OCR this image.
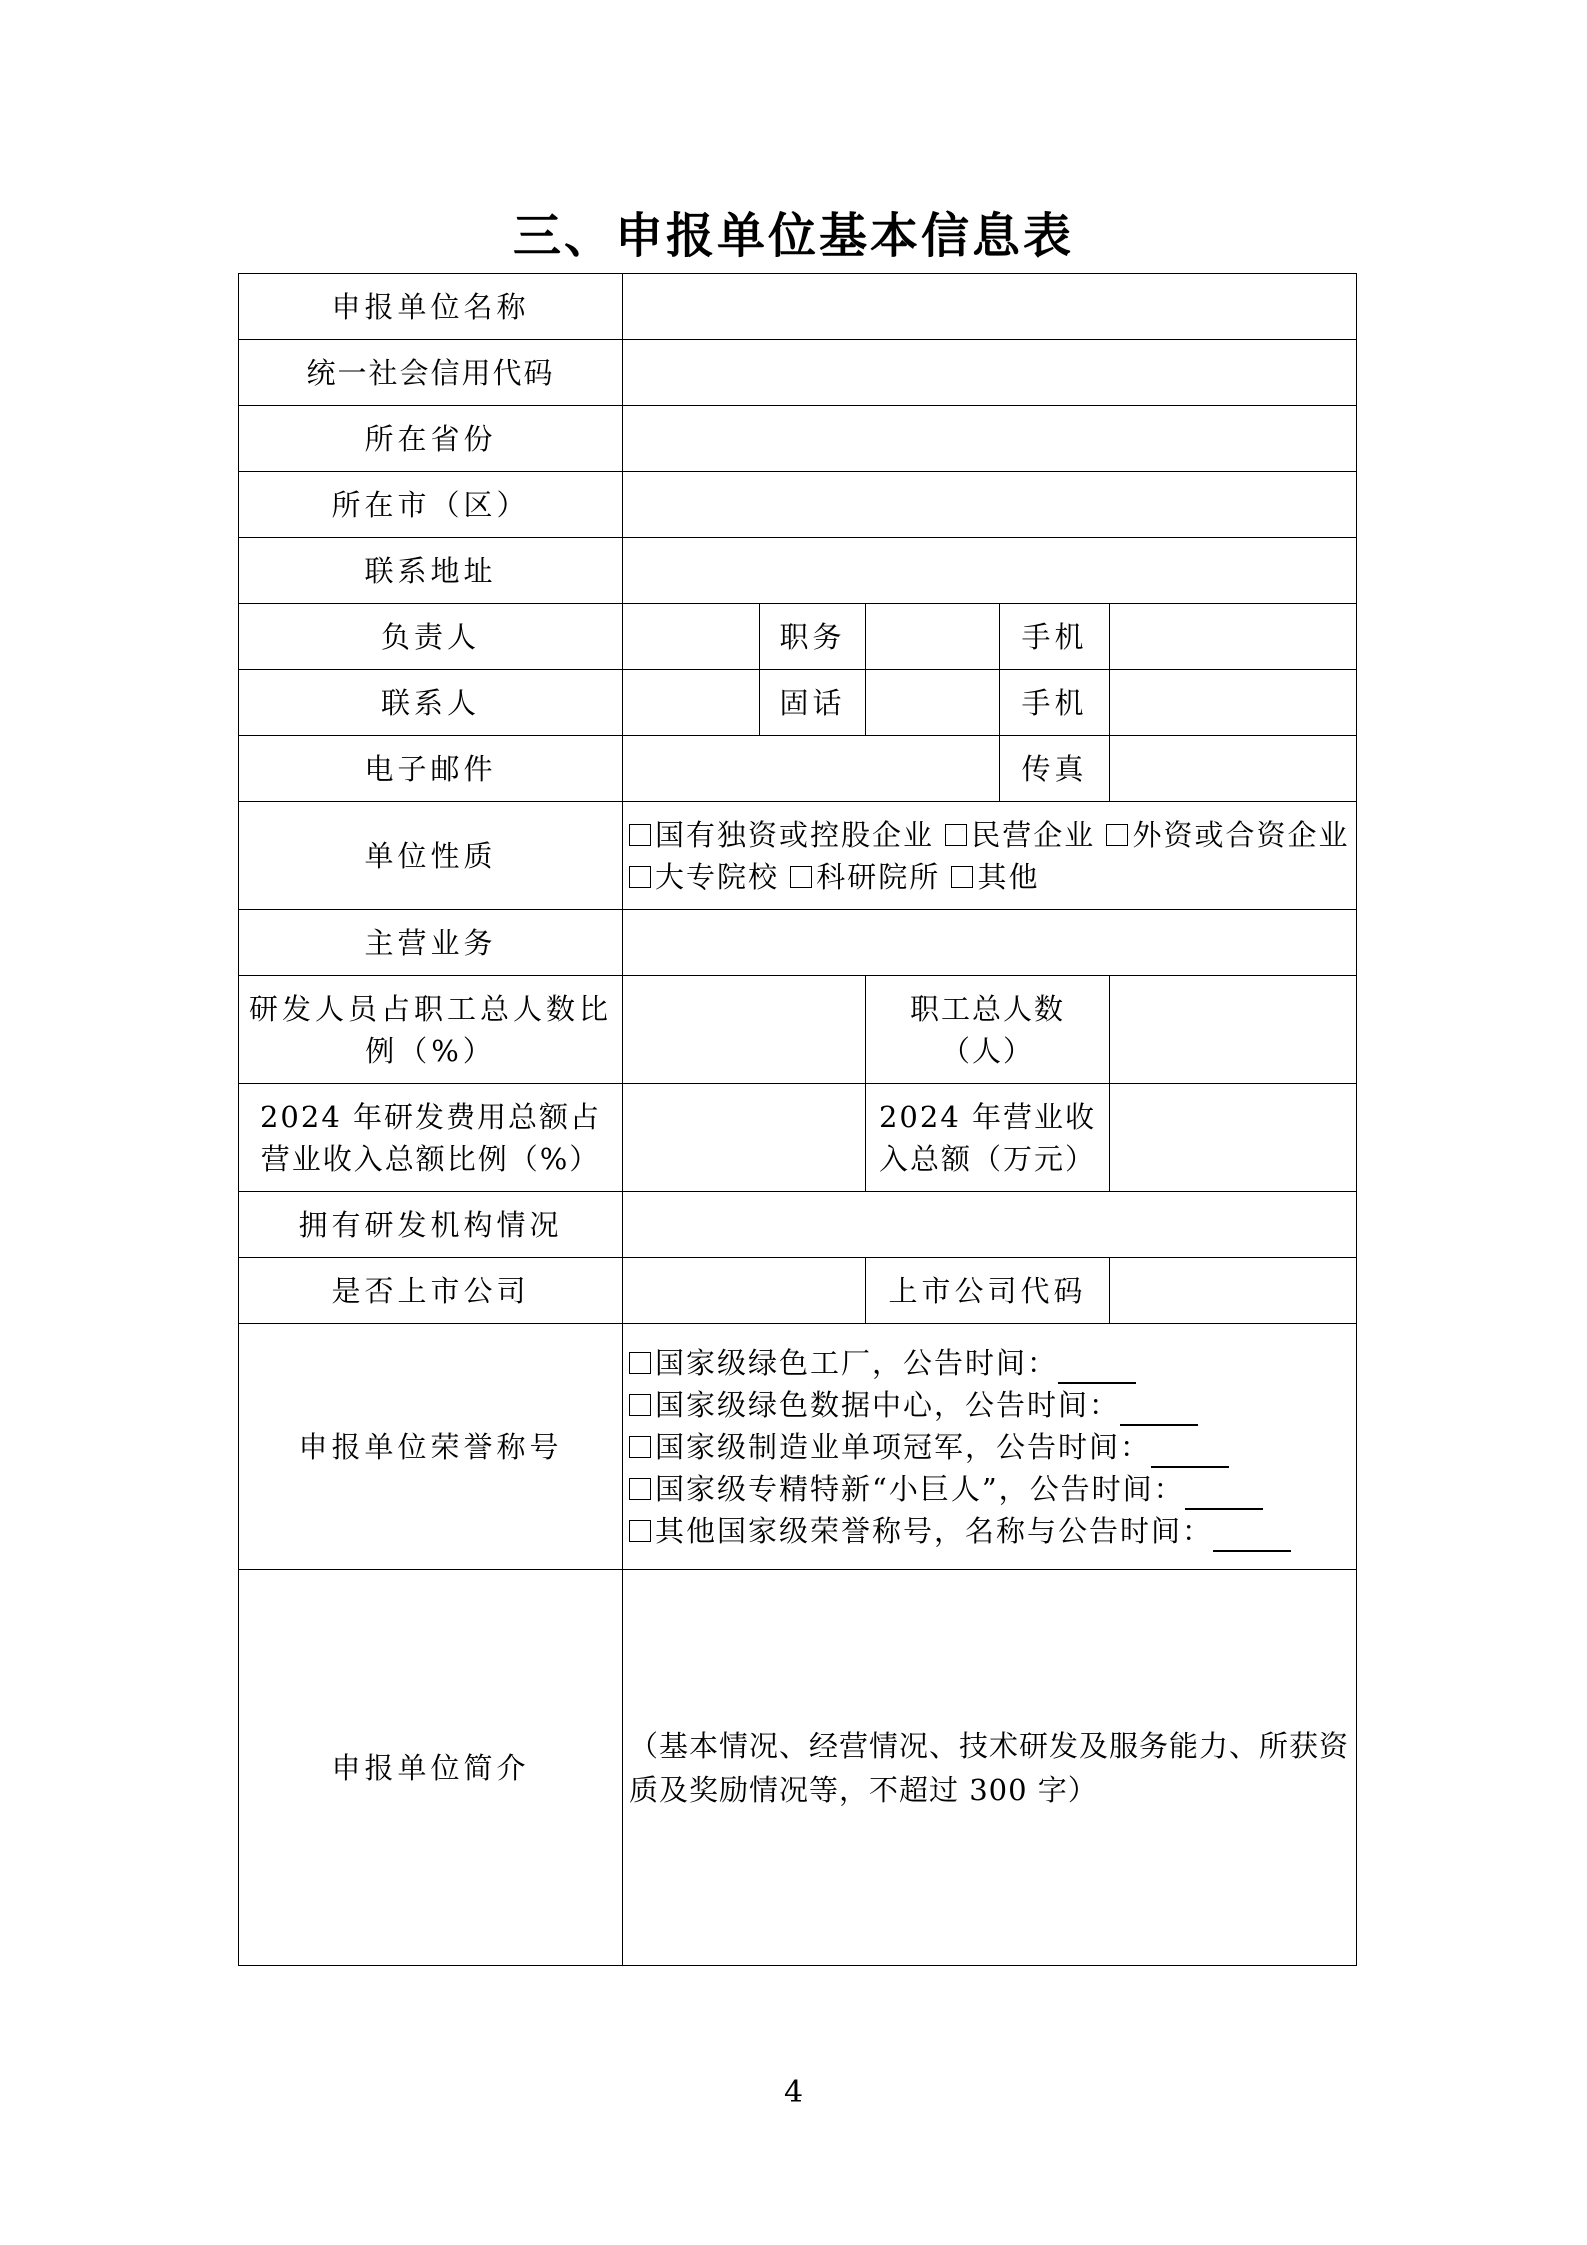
三、申报单位基本信息表
申报单位名称					
统一社会信用代码					
所在省份					
所在市（区）					
联系地址					
负责人		职务		手机	
联系人		固话		手机	
电子邮件				传真	
单位性质	国有独资或控股企业 民营企业 外资或合资企业
大专院校 科研院所 其他				

主营业务					
研发人员占职工总人数比例（%）			职工总人数（人）		
2024 年研发费用总额占营业收入总额比例（%）			2024 年营业收入总额（万元）		
拥有研发机构情况					
是否上市公司			上市公司代码		
申报单位荣誉称号	国家级绿色工厂，公告时间：
国家级绿色数据中心，公告时间：
国家级制造业单项冠军，公告时间：
国家级专精特新“小巨人”，公告时间：
其他国家级荣誉称号，名称与公告时间：				

申报单位简介	（基本情况、经营情况、技术研发及服务能力、所获资质及奖励情况等，不超过 300 字）				
4
